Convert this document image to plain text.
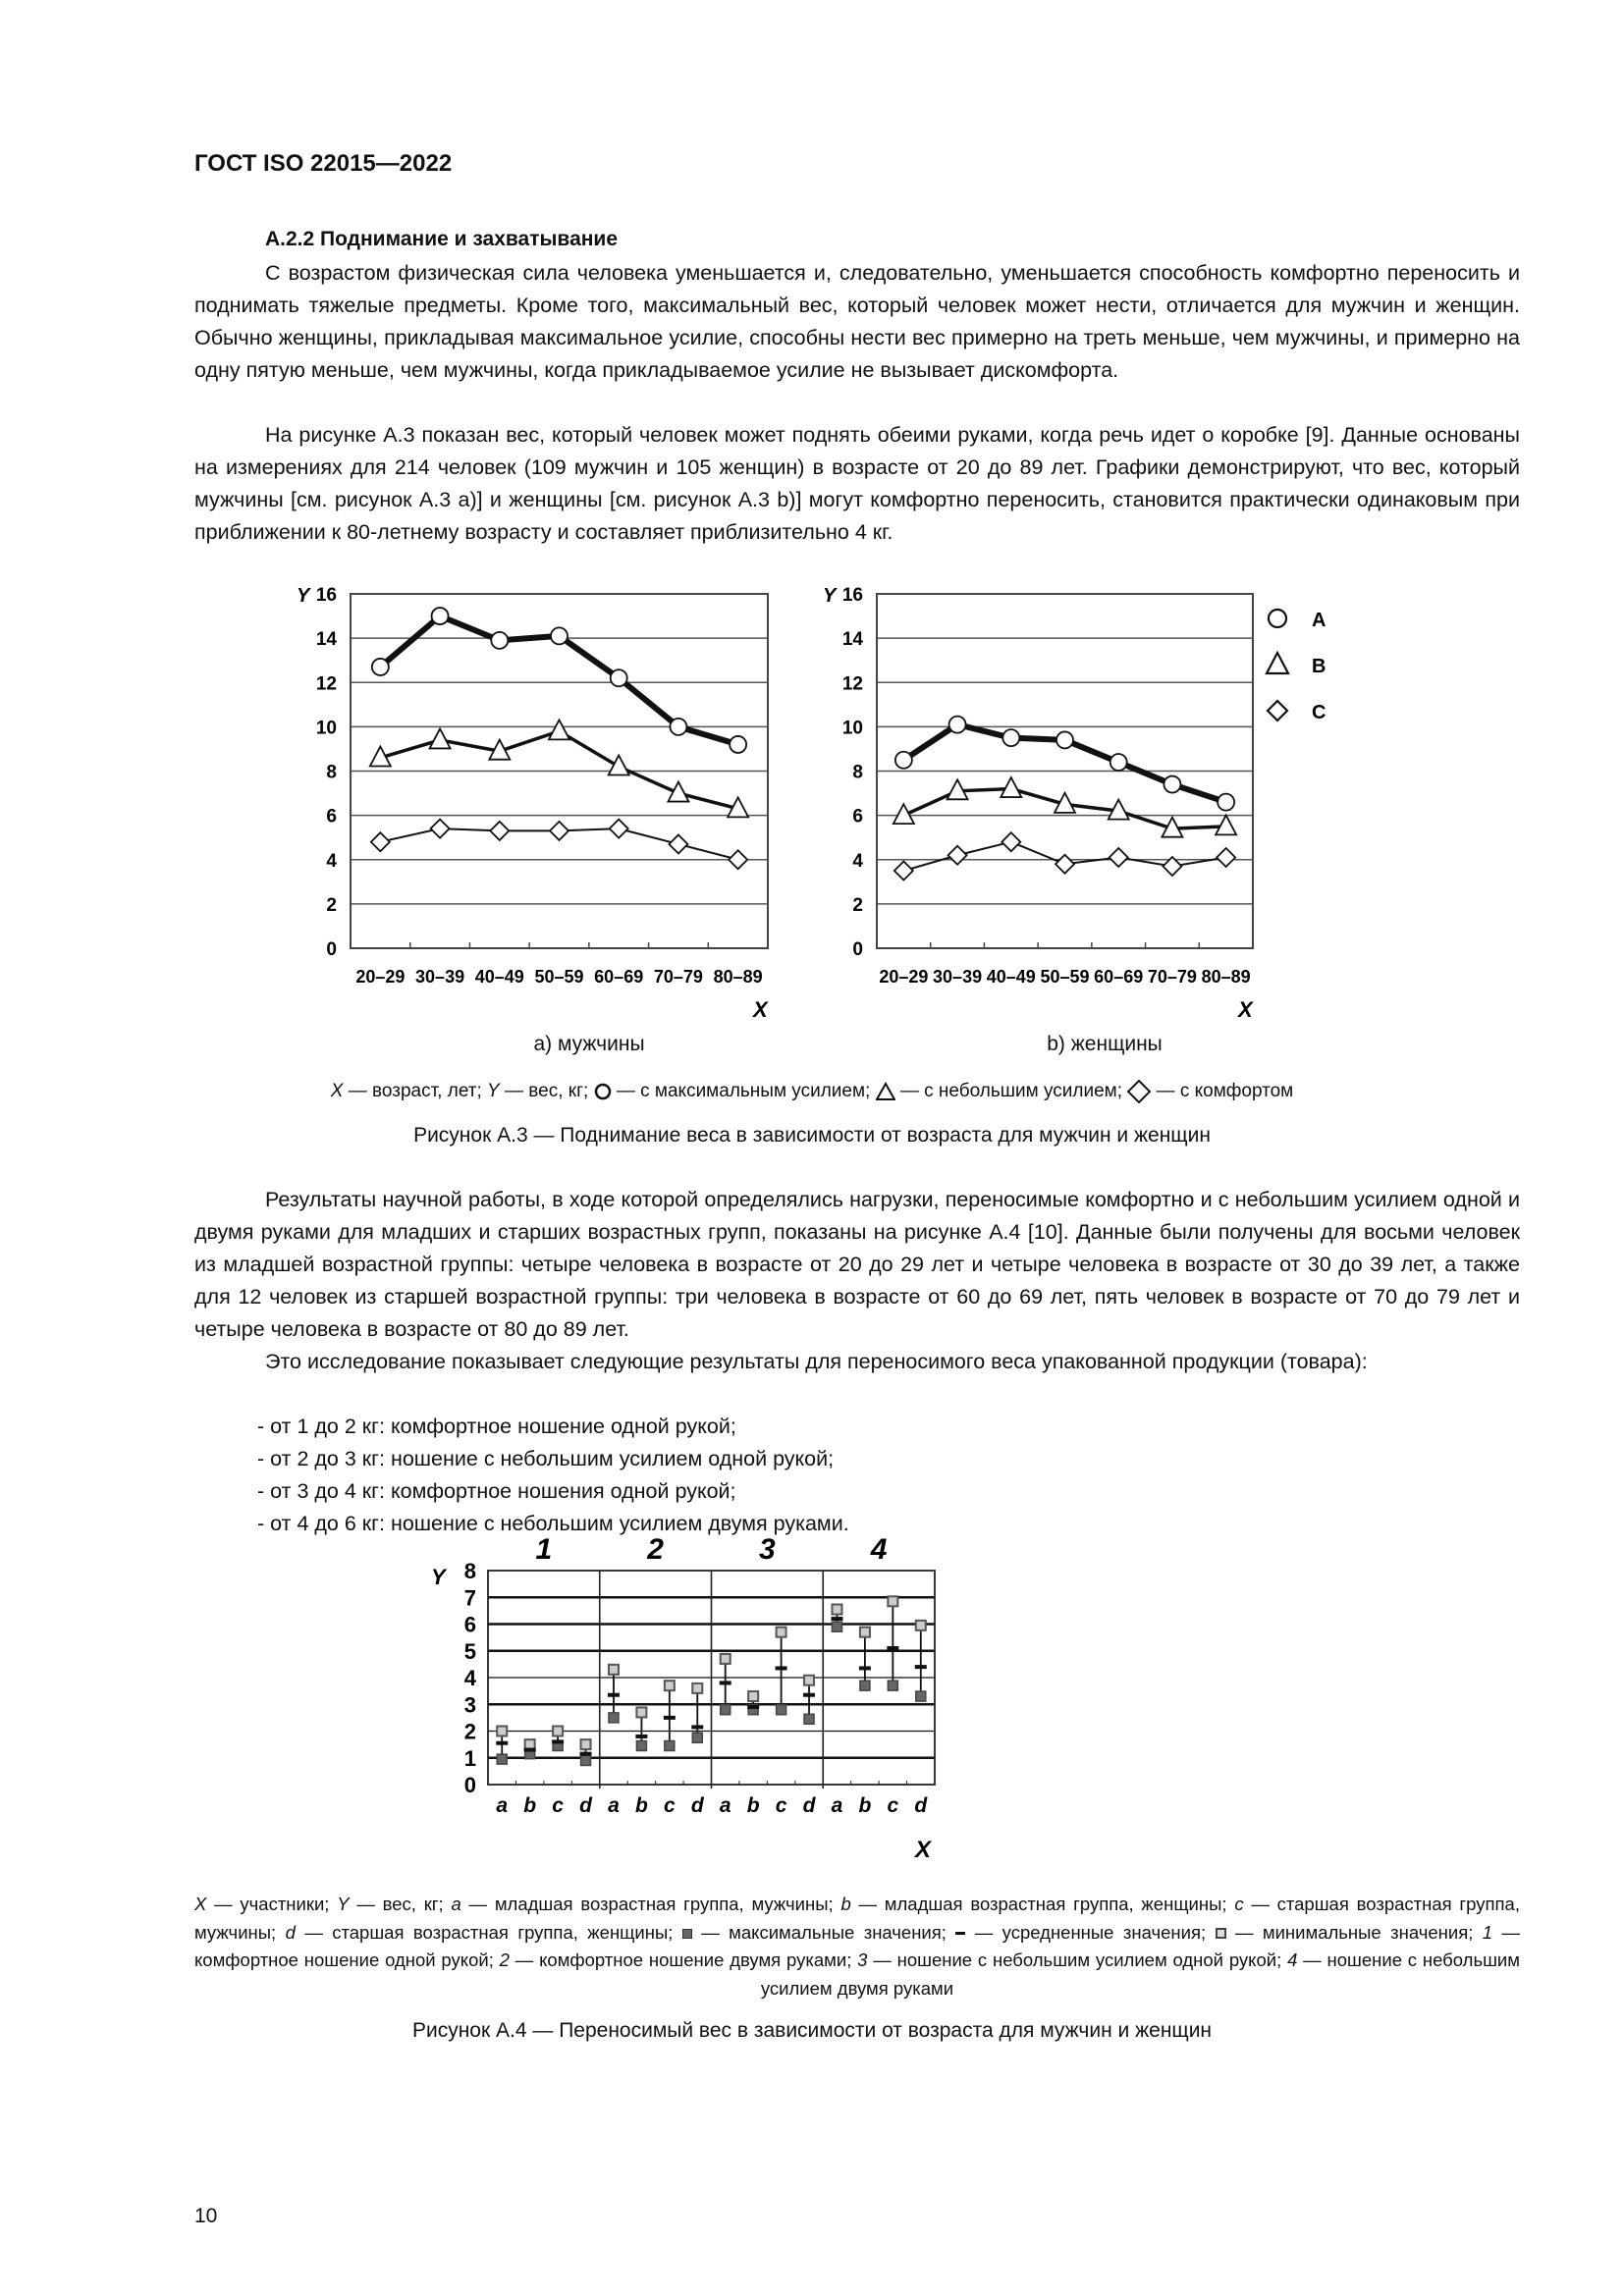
ГОСТ ISO 22015—2022
А.2.2 Поднимание и захватывание
С возрастом физическая сила человека уменьшается и, следовательно, уменьшается способность комфортно переносить и поднимать тяжелые предметы. Кроме того, максимальный вес, который человек может нести, отличается для мужчин и женщин. Обычно женщины, прикладывая максимальное усилие, способны нести вес примерно на треть меньше, чем мужчины, и примерно на одну пятую меньше, чем мужчины, когда прикладываемое усилие не вызывает дискомфорта.
На рисунке А.3 показан вес, который человек может поднять обеими руками, когда речь идет о коробке [9]. Данные основаны на измерениях для 214 человек (109 мужчин и 105 женщин) в возрасте от 20 до 89 лет. Графики демонстрируют, что вес, который мужчины [см. рисунок А.3 а)] и женщины [см. рисунок А.3 b)] могут комфортно переносить, становится практически одинаковым при приближении к 80-летнему возрасту и составляет приблизительно 4 кг.
0
2
4
6
8
10
12
14
16
Y
20–29 30–39 40–49 50–59 60–69 70–79 80–89
X
0
2
4
6
8
10
12
14
16
Y
20–29 30–39 40–49 50–59 60–69 70–79 80–89
X
A
B
C
а) мужчины	b) женщины
X — возраст, лет; Y — вес, кг;  — с максимальным усилием;  — с небольшим усилием;  — с комфортом
Рисунок А.3 — Поднимание веса в зависимости от возраста для мужчин и женщин
Результаты научной работы, в ходе которой определялись нагрузки, переносимые комфортно и с небольшим усилием одной и двумя руками для младших и старших возрастных групп, показаны на рисунке А.4 [10]. Данные были получены для восьми человек из младшей возрастной группы: четыре человека в возрасте от 20 до 29 лет и четыре человека в возрасте от 30 до 39 лет, а также для 12 человек из старшей возрастной группы: три человека в возрасте от 60 до 69 лет, пять человек в возрасте от 70 до 79 лет и четыре человека в возрасте от 80 до 89 лет.
Это исследование показывает следующие результаты для переносимого веса упакованной продукции (товара):
- от 1 до 2 кг: комфортное ношение одной рукой;
- от 2 до 3 кг: ношение с небольшим усилием одной рукой;
- от 3 до 4 кг: комфортное ношения одной рукой;
- от 4 до 6 кг: ношение с небольшим усилием двумя руками.
0
1
2
3
4
5
6
7
8
Y
1
a b c d
2
a b c d
3
a b c d
4
a b c d
X
X — участники; Y — вес, кг; a — младшая возрастная группа, мужчины; b — младшая возрастная группа, женщины; c — старшая возрастная группа, мужчины; d — старшая возрастная группа, женщины;  — максимальные значения;  — усредненные значения;  — минимальные значения; 1 — комфортное ношение одной рукой; 2 — комфортное ношение двумя руками; 3 — ношение с небольшим усилием одной рукой; 4 — ношение с небольшим усилием двумя руками
Рисунок А.4 — Переносимый вес в зависимости от возраста для мужчин и женщин
10
